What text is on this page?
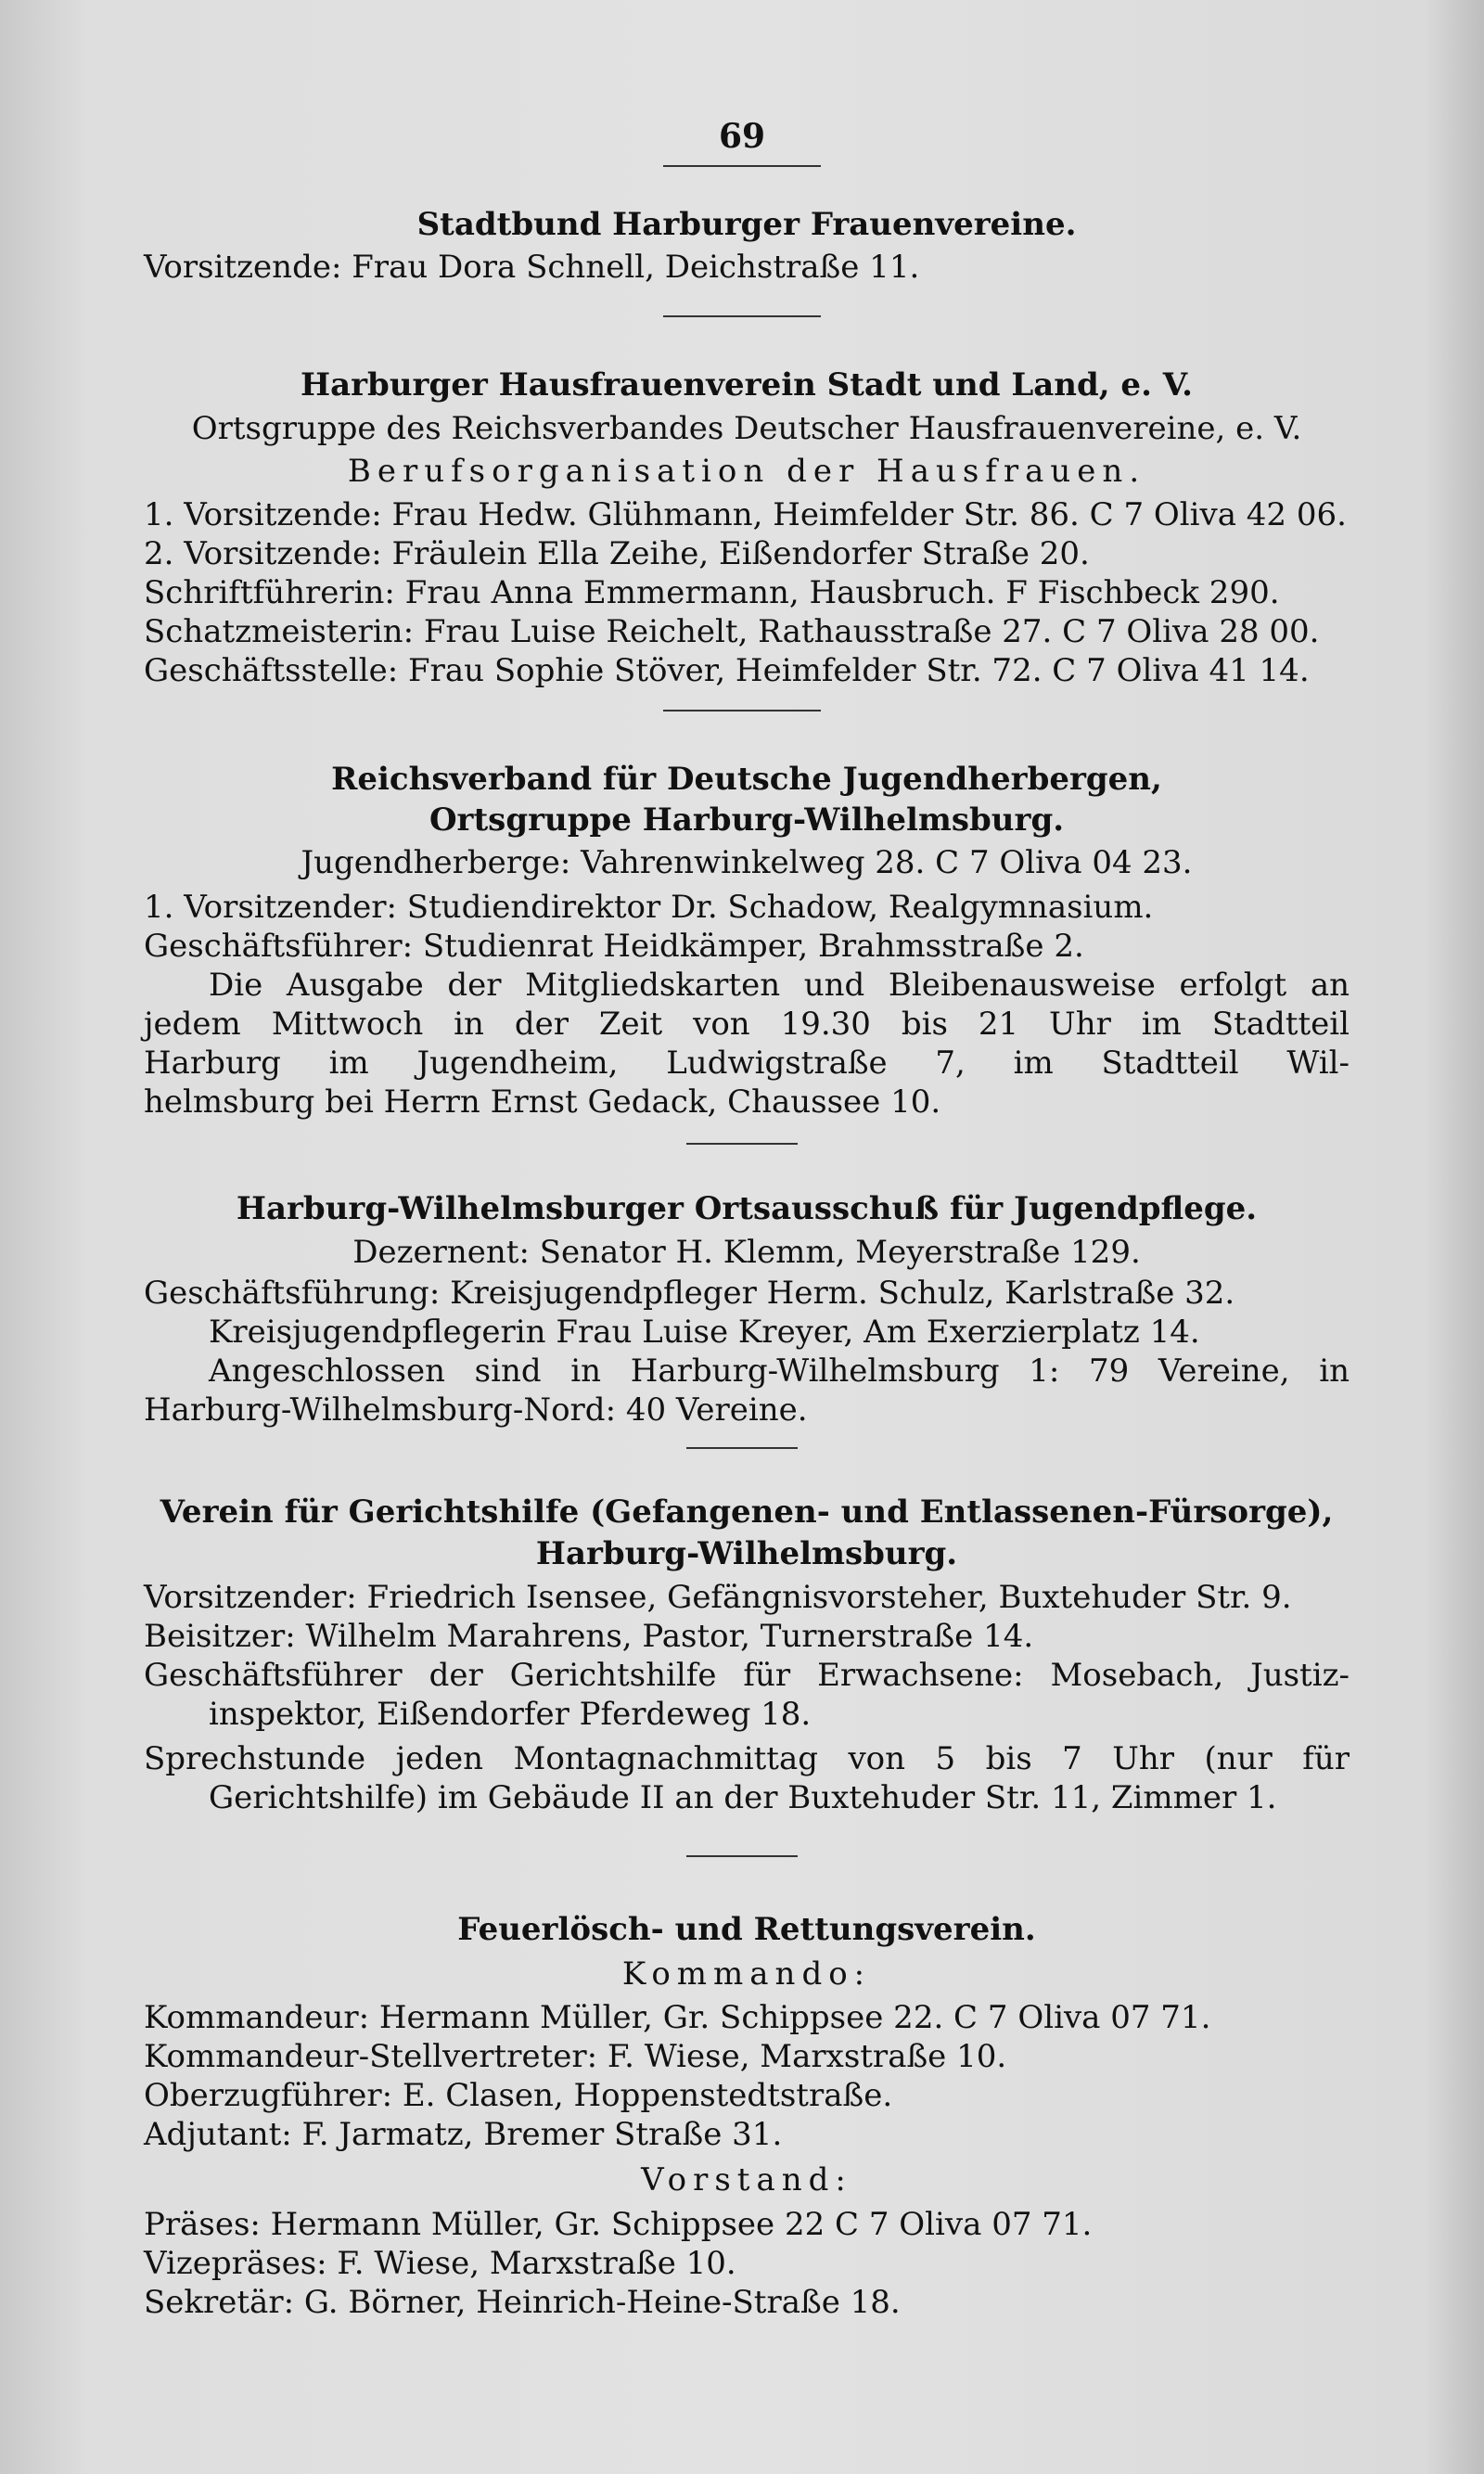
69
Stadtbund Harburger Frauenvereine.
Vorsitzende: Frau Dora Schnell, Deichstraße 11.
Harburger Hausfrauenverein Stadt und Land, e. V.
Ortsgruppe des Reichsverbandes Deutscher Hausfrauenvereine, e. V.
Berufsorganisation der Hausfrauen.
1. Vorsitzende: Frau Hedw. Glühmann, Heimfelder Str. 86. C 7 Oliva 42 06.
2. Vorsitzende: Fräulein Ella Zeihe, Eißendorfer Straße 20.
Schriftführerin: Frau Anna Emmermann, Hausbruch. F Fischbeck 290.
Schatzmeisterin: Frau Luise Reichelt, Rathausstraße 27. C 7 Oliva 28 00.
Geschäftsstelle: Frau Sophie Stöver, Heimfelder Str. 72. C 7 Oliva 41 14.
Reichsverband für Deutsche Jugendherbergen,
Ortsgruppe Harburg-Wilhelmsburg.
Jugendherberge: Vahrenwinkelweg 28. C 7 Oliva 04 23.
1. Vorsitzender: Studiendirektor Dr. Schadow, Realgymnasium.
Geschäftsführer: Studienrat Heidkämper, Brahmsstraße 2.
Die Ausgabe der Mitgliedskarten und Bleibenausweise erfolgt an
jedem Mittwoch in der Zeit von 19.30 bis 21 Uhr im Stadtteil
Harburg im Jugendheim, Ludwigstraße 7, im Stadtteil Wil-
helmsburg bei Herrn Ernst Gedack, Chaussee 10.
Harburg-Wilhelmsburger Ortsausschuß für Jugendpflege.
Dezernent: Senator H. Klemm, Meyerstraße 129.
Geschäftsführung: Kreisjugendpfleger Herm. Schulz, Karlstraße 32.
Kreisjugendpflegerin Frau Luise Kreyer, Am Exerzierplatz 14.
Angeschlossen sind in Harburg-Wilhelmsburg 1: 79 Vereine, in
Harburg-Wilhelmsburg-Nord: 40 Vereine.
Verein für Gerichtshilfe (Gefangenen- und Entlassenen-Fürsorge),
Harburg-Wilhelmsburg.
Vorsitzender: Friedrich Isensee, Gefängnisvorsteher, Buxtehuder Str. 9.
Beisitzer: Wilhelm Marahrens, Pastor, Turnerstraße 14.
Geschäftsführer der Gerichtshilfe für Erwachsene: Mosebach, Justiz-
inspektor, Eißendorfer Pferdeweg 18.
Sprechstunde jeden Montagnachmittag von 5 bis 7 Uhr (nur für
Gerichtshilfe) im Gebäude II an der Buxtehuder Str. 11, Zimmer 1.
Feuerlösch- und Rettungsverein.
Kommando:
Kommandeur: Hermann Müller, Gr. Schippsee 22. C 7 Oliva 07 71.
Kommandeur-Stellvertreter: F. Wiese, Marxstraße 10.
Oberzugführer: E. Clasen, Hoppenstedtstraße.
Adjutant: F. Jarmatz, Bremer Straße 31.
Vorstand:
Präses: Hermann Müller, Gr. Schippsee 22 C 7 Oliva 07 71.
Vizepräses: F. Wiese, Marxstraße 10.
Sekretär: G. Börner, Heinrich-Heine-Straße 18.
